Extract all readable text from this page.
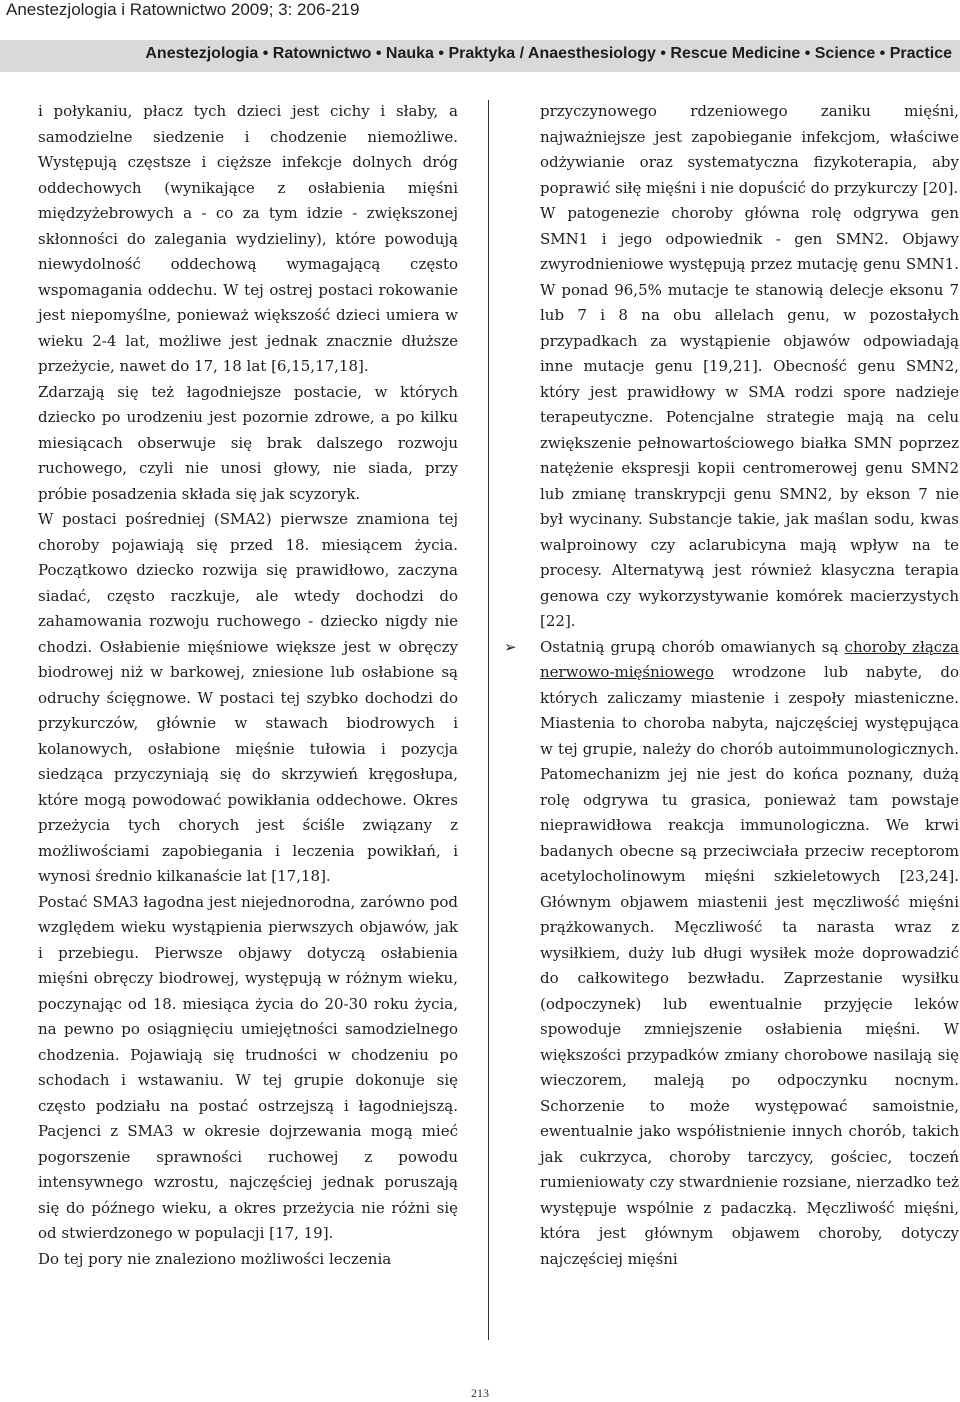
Anestezjologia i Ratownictwo 2009; 3: 206-219
Anestezjologia • Ratownictwo • Nauka • Praktyka / Anaesthesiology • Rescue Medicine • Science • Practice

i połykaniu, płacz tych dzieci jest cichy i słaby, a samodzielne siedzenie i chodzenie niemożliwe. Występują częstsze i cięższe infekcje dolnych dróg oddechowych (wynikające z osłabienia mięśni międzyżebrowych a - co za tym idzie - zwiększonej skłonności do zalegania wydzieliny), które powodują niewydolność oddechową wymagającą często wspomagania oddechu. W tej ostrej postaci rokowanie jest niepomyślne, ponieważ większość dzieci umiera w wieku 2-4 lat, możliwe jest jednak znacznie dłuższe przeżycie, nawet do 17, 18 lat [6,15,17,18].

Zdarzają się też łagodniejsze postacie, w których dziecko po urodzeniu jest pozornie zdrowe, a po kilku miesiącach obserwuje się brak dalszego rozwoju ruchowego, czyli nie unosi głowy, nie siada, przy próbie posadzenia składa się jak scyzoryk.

W postaci pośredniej (SMA2) pierwsze znamiona tej choroby pojawiają się przed 18. miesiącem życia. Początkowo dziecko rozwija się prawidłowo, zaczyna siadać, często raczkuje, ale wtedy dochodzi do zahamowania rozwoju ruchowego - dziecko nigdy nie chodzi. Osłabienie mięśniowe większe jest w obręczy biodrowej niż w barkowej, zniesione lub osłabione są odruchy ścięgnowe. W postaci tej szybko dochodzi do przykurczów, głównie w stawach biodrowych i kolanowych, osłabione mięśnie tułowia i pozycja siedząca przyczyniają się do skrzywień kręgosłupa, które mogą powodować powikłania oddechowe. Okres przeżycia tych chorych jest ściśle związany z możliwościami zapobiegania i leczenia powikłań, i wynosi średnio kilkanaście lat [17,18].

Postać SMA3 łagodna jest niejednorodna, zarówno pod względem wieku wystąpienia pierwszych objawów, jak i przebiegu. Pierwsze objawy dotyczą osłabienia mięśni obręczy biodrowej, występują w różnym wieku, poczynając od 18. miesiąca życia do 20-30 roku życia, na pewno po osiągnięciu umiejętności samodzielnego chodzenia. Pojawiają się trudności w chodzeniu po schodach i wstawaniu. W tej grupie dokonuje się często podziału na postać ostrzejszą i łagodniejszą. Pacjenci z SMA3 w okresie dojrzewania mogą mieć pogorszenie sprawności ruchowej z powodu intensywnego wzrostu, najczęściej jednak poruszają się do późnego wieku, a okres przeżycia nie różni się od stwierdzonego w populacji [17, 19].

Do tej pory nie znaleziono możliwości leczenia

przyczynowego rdzeniowego zaniku mięśni, najważniejsze jest zapobieganie infekcjom, właściwe odżywianie oraz systematyczna fizykoterapia, aby poprawić siłę mięśni i nie dopuścić do przykurczy [20].

W patogenezie choroby główna rolę odgrywa gen SMN1 i jego odpowiednik - gen SMN2. Objawy zwyrodnieniowe występują przez mutację genu SMN1. W ponad 96,5% mutacje te stanowią delecje eksonu 7 lub 7 i 8 na obu allelach genu, w pozostałych przypadkach za wystąpienie objawów odpowiadają inne mutacje genu [19,21]. Obecność genu SMN2, który jest prawidłowy w SMA rodzi spore nadzieje terapeutyczne. Potencjalne strategie mają na celu zwiększenie pełnowartościowego białka SMN poprzez natężenie ekspresji kopii centromerowej genu SMN2 lub zmianę transkrypcji genu SMN2, by ekson 7 nie był wycinany. Substancje takie, jak maślan sodu, kwas walproinowy czy aclarubicyna mają wpływ na te procesy. Alternatywą jest również klasyczna terapia genowa czy wykorzystywanie komórek macierzystych [22].

➢ Ostatnią grupą chorób omawianych są choroby złącza nerwowo-mięśniowego wrodzone lub nabyte, do których zaliczamy miastenie i zespoły miasteniczne. Miastenia to choroba nabyta, najczęściej występująca w tej grupie, należy do chorób autoimmunologicznych. Patomechanizm jej nie jest do końca poznany, dużą rolę odgrywa tu grasica, ponieważ tam powstaje nieprawidłowa reakcja immunologiczna. We krwi badanych obecne są przeciwciała przeciw receptorom acetylocholinowym mięśni szkieletowych [23,24]. Głównym objawem miastenii jest męczliwość mięśni prążkowanych. Męczliwość ta narasta wraz z wysiłkiem, duży lub długi wysiłek może doprowadzić do całkowitego bezwładu. Zaprzestanie wysiłku (odpoczynek) lub ewentualnie przyjęcie leków spowoduje zmniejszenie osłabienia mięśni. W większości przypadków zmiany chorobowe nasilają się wieczorem, maleją po odpoczynku nocnym. Schorzenie to może występować samoistnie, ewentualnie jako współistnienie innych chorób, takich jak cukrzyca, choroby tarczycy, gościec, toczeń rumieniowaty czy stwardnienie rozsiane, nierzadko też występuje wspólnie z padaczką. Męczliwość mięśni, która jest głównym objawem choroby, dotyczy najczęściej mięśni

213
